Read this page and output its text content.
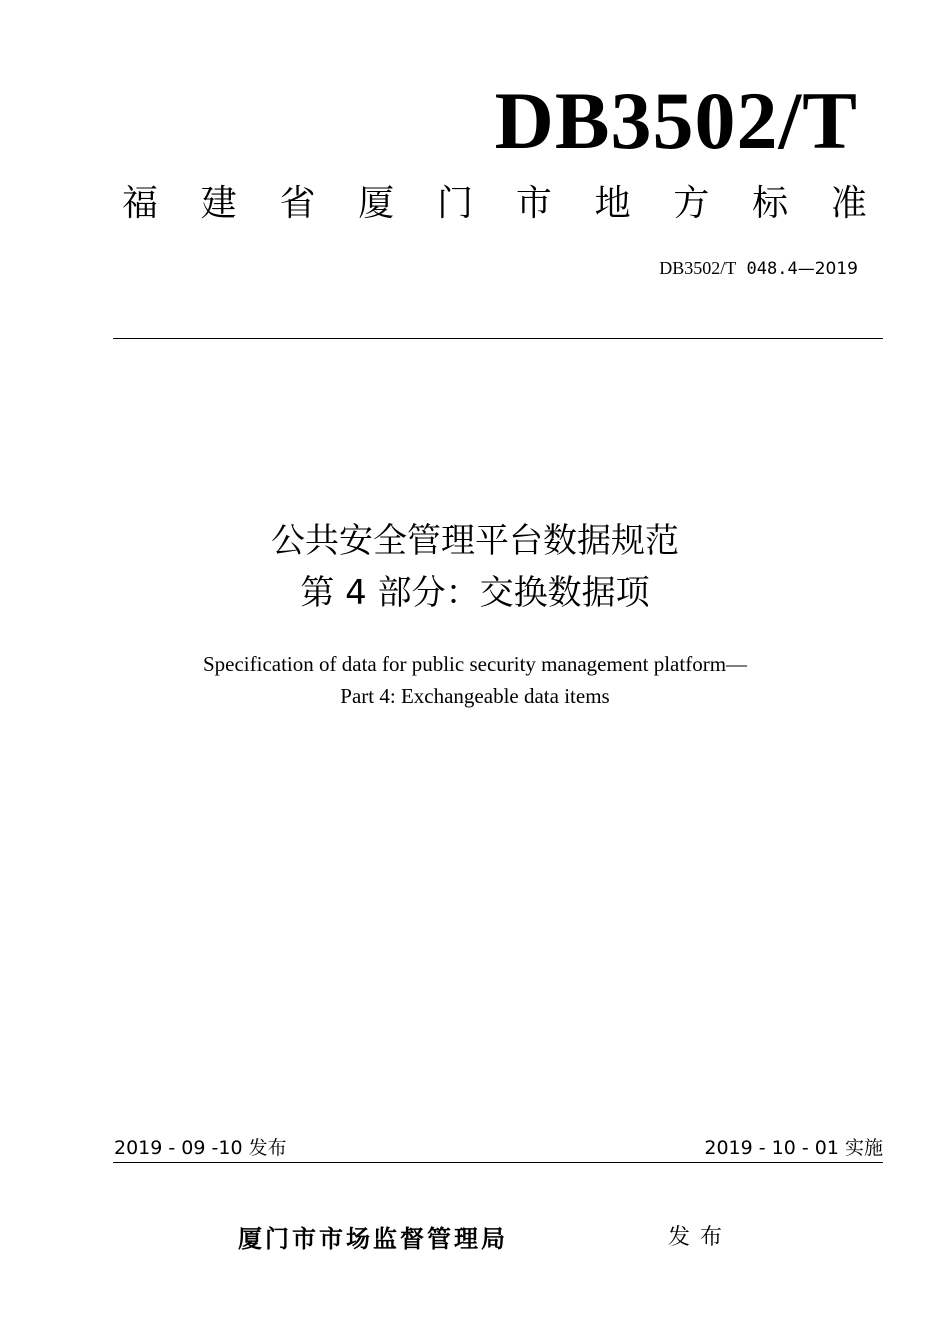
DB3502/T
福 建 省 厦 门 市 地 方 标 准
DB3502/T 048.4—2019
公共安全管理平台数据规范
第 4 部分：交换数据项
Specification of data for public security management platform—
Part 4: Exchangeable data items
2019 - 09 -10 发布	2019 - 10 - 01 实施
厦门市市场监督管理局	发布
